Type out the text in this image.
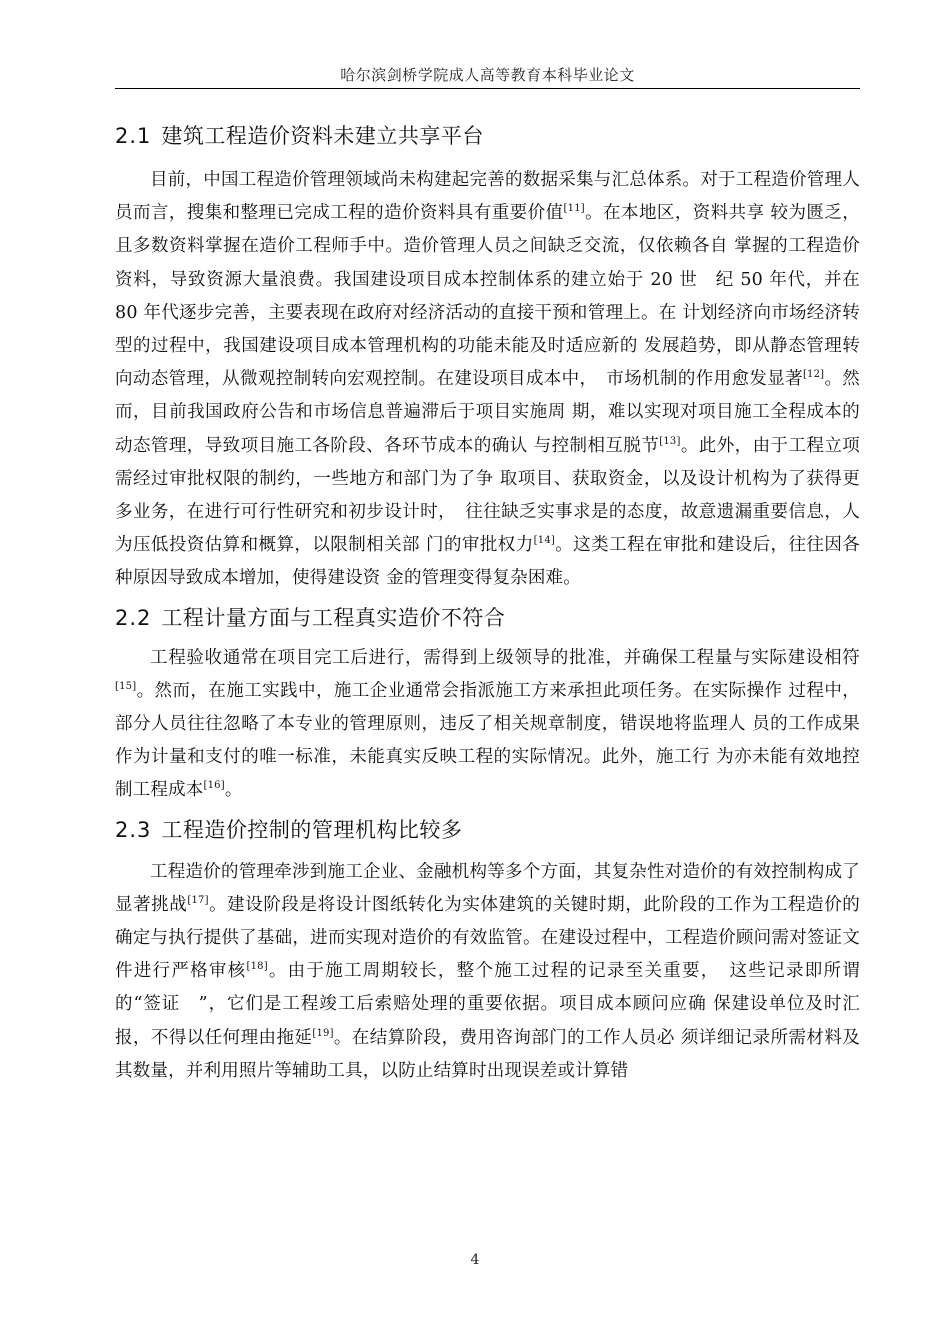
哈尔滨剑桥学院成人高等教育本科毕业论文
2.1 建筑工程造价资料未建立共享平台

目前，中国工程造价管理领域尚未构建起完善的数据采集与汇总体系。对于工程造价管理人员而言，搜集和整理已完成工程的造价资料具有重要价值[11]。在本地区，资料共享 较为匮乏，且多数资料掌握在造价工程师手中。造价管理人员之间缺乏交流，仅依赖各自 掌握的工程造价资料，导致资源大量浪费。我国建设项目成本控制体系的建立始于 20 世　纪 50 年代，并在 80 年代逐步完善，主要表现在政府对经济活动的直接干预和管理上。在 计划经济向市场经济转型的过程中，我国建设项目成本管理机构的功能未能及时适应新的 发展趋势，即从静态管理转向动态管理，从微观控制转向宏观控制。在建设项目成本中，　市场机制的作用愈发显著[12]。然而，目前我国政府公告和市场信息普遍滞后于项目实施周 期，难以实现对项目施工全程成本的动态管理，导致项目施工各阶段、各环节成本的确认 与控制相互脱节[13]。此外，由于工程立项需经过审批权限的制约，一些地方和部门为了争 取项目、获取资金，以及设计机构为了获得更多业务，在进行可行性研究和初步设计时，　往往缺乏实事求是的态度，故意遗漏重要信息，人为压低投资估算和概算，以限制相关部 门的审批权力[14]。这类工程在审批和建设后，往往因各种原因导致成本增加，使得建设资 金的管理变得复杂困难。

2.2 工程计量方面与工程真实造价不符合

工程验收通常在项目完工后进行，需得到上级领导的批准，并确保工程量与实际建设相符[15]。然而，在施工实践中，施工企业通常会指派施工方来承担此项任务。在实际操作 过程中，部分人员往往忽略了本专业的管理原则，违反了相关规章制度，错误地将监理人 员的工作成果作为计量和支付的唯一标准，未能真实反映工程的实际情况。此外，施工行 为亦未能有效地控制工程成本[16]。

2.3 工程造价控制的管理机构比较多

工程造价的管理牵涉到施工企业、金融机构等多个方面，其复杂性对造价的有效控制构成了显著挑战[17]。建设阶段是将设计图纸转化为实体建筑的关键时期，此阶段的工作为工程造价的确定与执行提供了基础，进而实现对造价的有效监管。在建设过程中，工程造价顾问需对签证文件进行严格审核[18]。由于施工周期较长，整个施工过程的记录至关重要，　这些记录即所谓的“签证　”，它们是工程竣工后索赔处理的重要依据。项目成本顾问应确 保建设单位及时汇报，不得以任何理由拖延[19]。在结算阶段，费用咨询部门的工作人员必 须详细记录所需材料及其数量，并利用照片等辅助工具，以防止结算时出现误差或计算错

4
